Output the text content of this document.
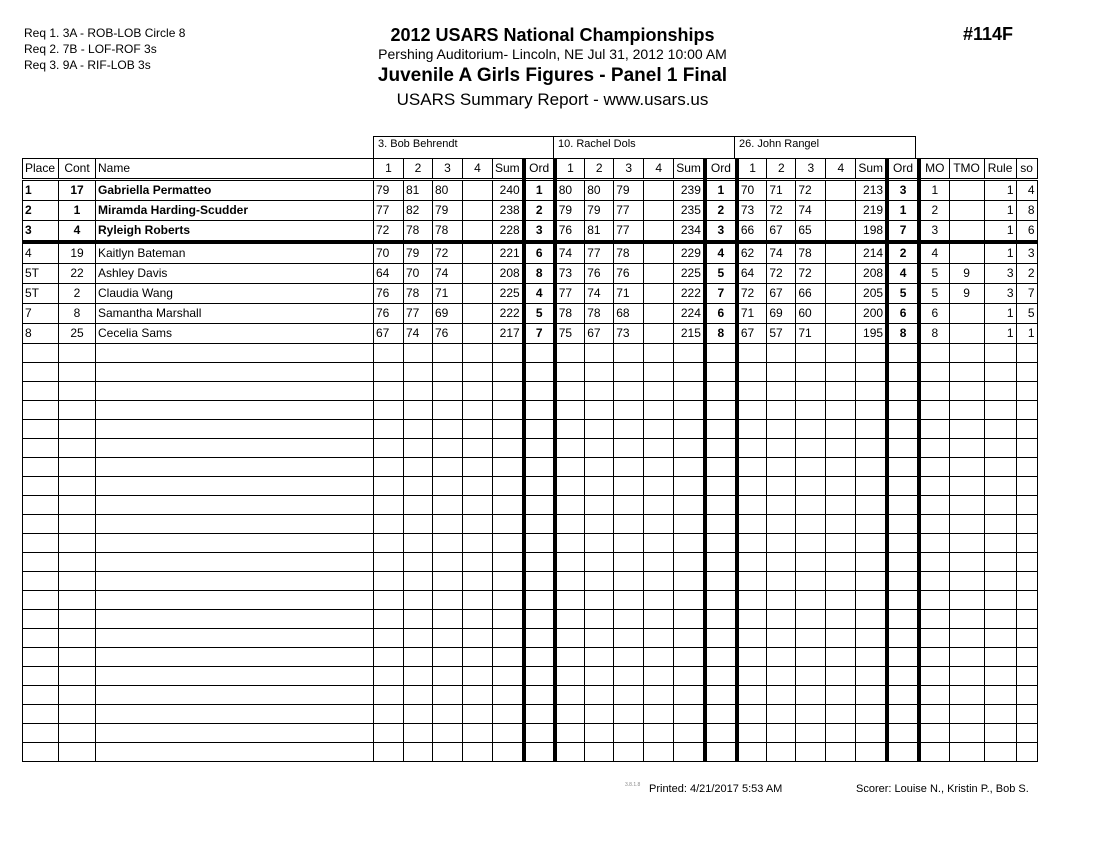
Req 1. 3A - ROB-LOB Circle 8
Req 2. 7B - LOF-ROF 3s
Req 3. 9A - RIF-LOB 3s
2012 USARS National Championships
Pershing Auditorium- Lincoln, NE Jul 31, 2012 10:00 AM
Juvenile A Girls Figures - Panel 1 Final
USARS Summary Report - www.usars.us
#114F
3. Bob Behrendt	10. Rachel Dols	26. John Rangel
Place	Cont	Name	1	2	3	4	Sum	Ord	1	2	3	4	Sum	Ord	1	2	3	4	Sum	Ord	MO	TMO	Rule	so
1	17	Gabriella Permatteo	79	81	80		240	1	80	80	79		239	1	70	71	72		213	3	1		1	4
2	1	Miramda Harding-Scudder	77	82	79		238	2	79	79	77		235	2	73	72	74		219	1	2		1	8
3	4	Ryleigh Roberts	72	78	78		228	3	76	81	77		234	3	66	67	65		198	7	3		1	6
4	19	Kaitlyn Bateman	70	79	72		221	6	74	77	78		229	4	62	74	78		214	2	4		1	3
5T	22	Ashley Davis	64	70	74		208	8	73	76	76		225	5	64	72	72		208	4	5	9	3	2
5T	2	Claudia Wang	76	78	71		225	4	77	74	71		222	7	72	67	66		205	5	5	9	3	7
7	8	Samantha Marshall	76	77	69		222	5	78	78	68		224	6	71	69	60		200	6	6		1	5
8	25	Cecelia Sams	67	74	76		217	7	75	67	73		215	8	67	57	71		195	8	8		1	1

3.8.1.8 Printed: 4/21/2017 5:53 AM	Scorer: Louise N., Kristin P., Bob S.
